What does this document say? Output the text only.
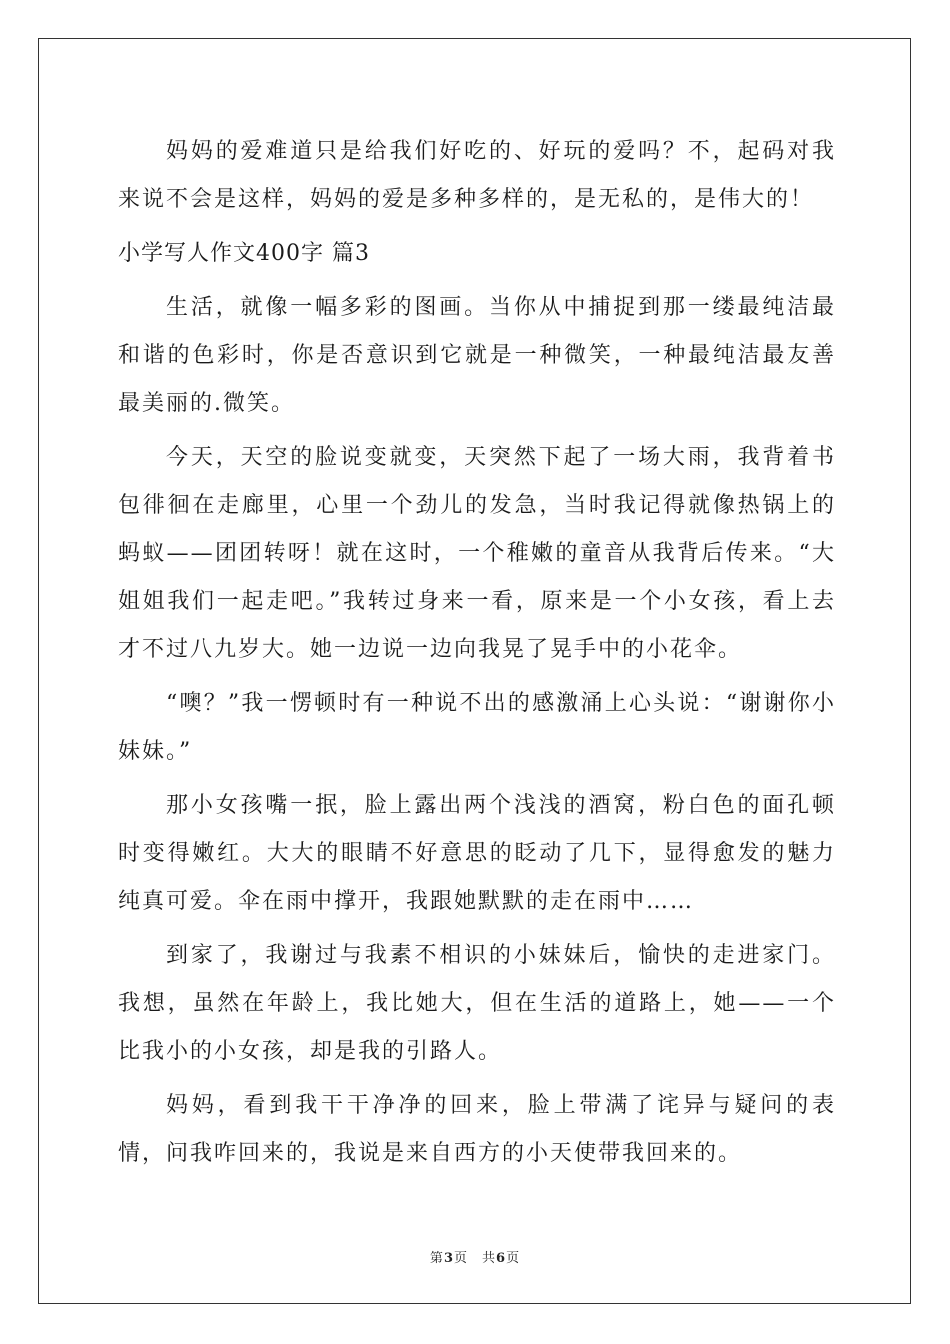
妈妈的爱难道只是给我们好吃的、好玩的爱吗？不，起码对我来说不会是这样，妈妈的爱是多种多样的，是无私的，是伟大的！

小学写人作文400字 篇3

生活，就像一幅多彩的图画。当你从中捕捉到那一缕最纯洁最和谐的色彩时，你是否意识到它就是一种微笑，一种最纯洁最友善最美丽的.微笑。

今天，天空的脸说变就变，天突然下起了一场大雨，我背着书包徘徊在走廊里，心里一个劲儿的发急，当时我记得就像热锅上的蚂蚁——团团转呀！就在这时，一个稚嫩的童音从我背后传来。“大姐姐我们一起走吧。”我转过身来一看，原来是一个小女孩，看上去才不过八九岁大。她一边说一边向我晃了晃手中的小花伞。

“噢？”我一愣顿时有一种说不出的感激涌上心头说：“谢谢你小妹妹。”

那小女孩嘴一抿，脸上露出两个浅浅的酒窝，粉白色的面孔顿时变得嫩红。大大的眼睛不好意思的眨动了几下，显得愈发的魅力纯真可爱。伞在雨中撑开，我跟她默默的走在雨中……

到家了，我谢过与我素不相识的小妹妹后，愉快的走进家门。我想，虽然在年龄上，我比她大，但在生活的道路上，她——一个比我小的小女孩，却是我的引路人。

妈妈，看到我干干净净的回来，脸上带满了诧异与疑问的表情，问我咋回来的，我说是来自西方的小天使带我回来的。

第3页 共6页
